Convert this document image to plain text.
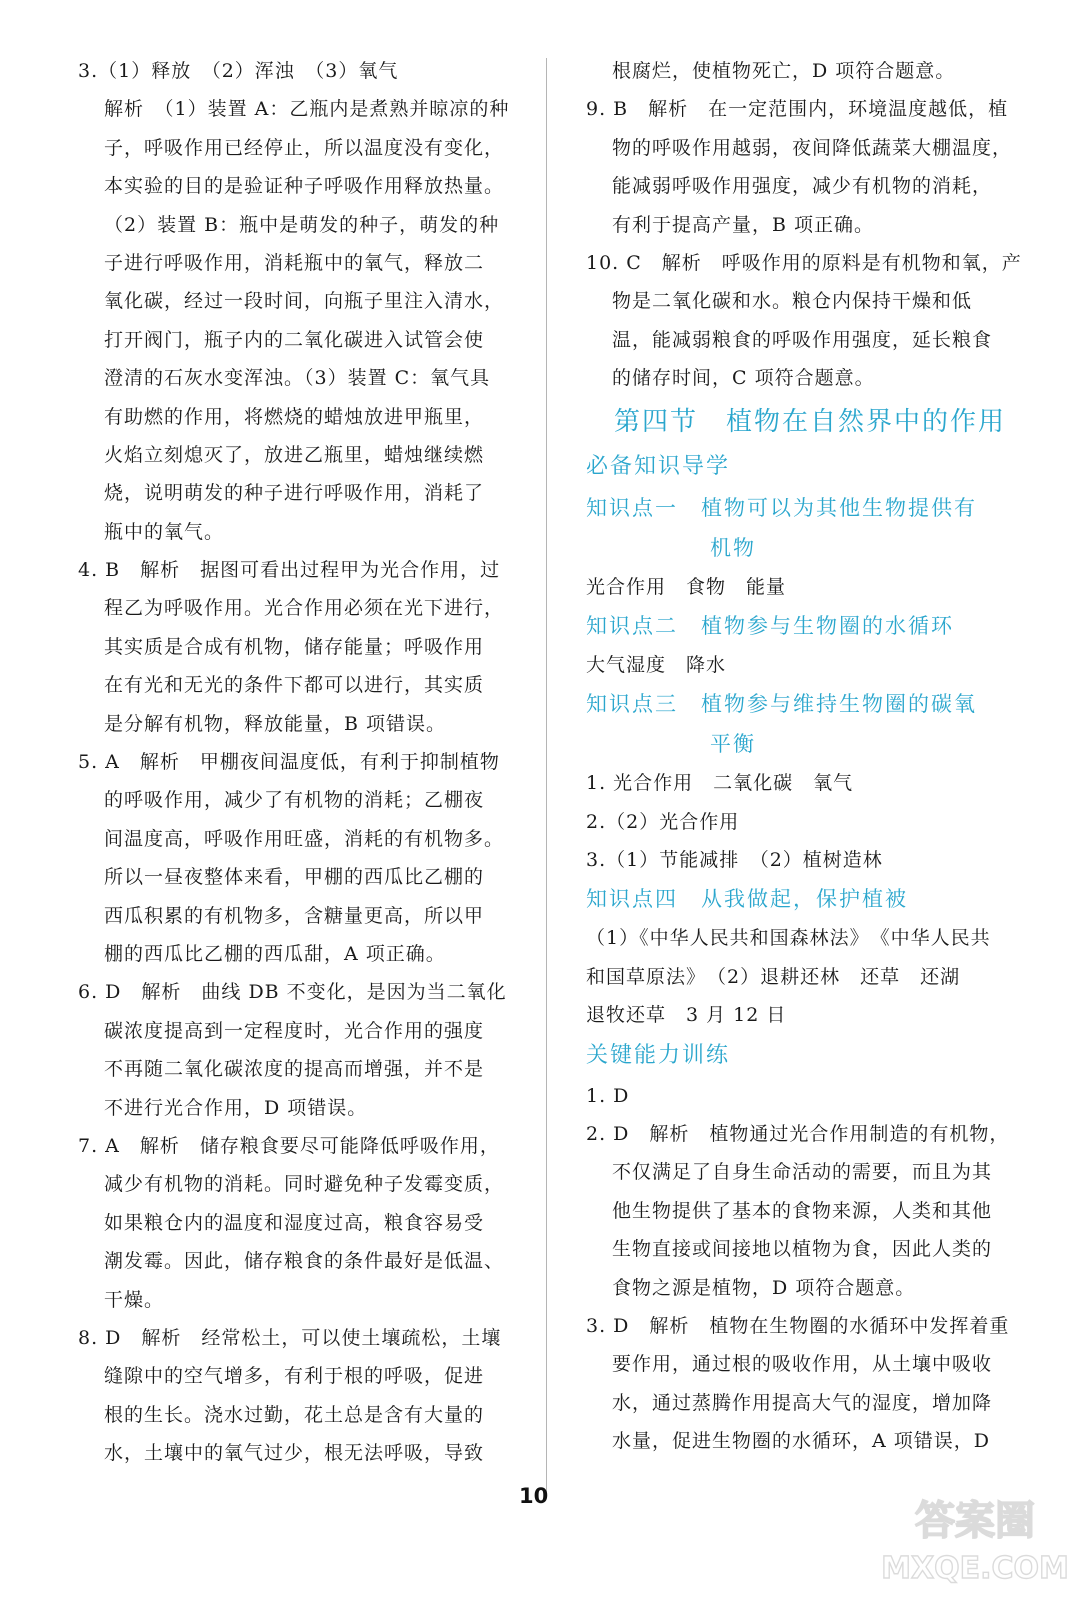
3.（1）释放　（2）浑浊　（3）氧气
解析　（1）装置 A：乙瓶内是煮熟并晾凉的种
子，呼吸作用已经停止，所以温度没有变化，
本实验的目的是验证种子呼吸作用释放热量。
（2）装置 B：瓶中是萌发的种子，萌发的种
子进行呼吸作用，消耗瓶中的氧气，释放二
氧化碳，经过一段时间，向瓶子里注入清水，
打开阀门，瓶子内的二氧化碳进入试管会使
澄清的石灰水变浑浊。（3）装置 C：氧气具
有助燃的作用，将燃烧的蜡烛放进甲瓶里，
火焰立刻熄灭了，放进乙瓶里，蜡烛继续燃
烧，说明萌发的种子进行呼吸作用，消耗了
瓶中的氧气。
4. B　解析　据图可看出过程甲为光合作用，过
程乙为呼吸作用。光合作用必须在光下进行，
其实质是合成有机物，储存能量；呼吸作用
在有光和无光的条件下都可以进行，其实质
是分解有机物，释放能量，B 项错误。
5. A　解析　甲棚夜间温度低，有利于抑制植物
的呼吸作用，减少了有机物的消耗；乙棚夜
间温度高，呼吸作用旺盛，消耗的有机物多。
所以一昼夜整体来看，甲棚的西瓜比乙棚的
西瓜积累的有机物多，含糖量更高，所以甲
棚的西瓜比乙棚的西瓜甜，A 项正确。
6. D　解析　曲线 DB 不变化，是因为当二氧化
碳浓度提高到一定程度时，光合作用的强度
不再随二氧化碳浓度的提高而增强，并不是
不进行光合作用，D 项错误。
7. A　解析　储存粮食要尽可能降低呼吸作用，
减少有机物的消耗。同时避免种子发霉变质，
如果粮仓内的温度和湿度过高，粮食容易受
潮发霉。因此，储存粮食的条件最好是低温、
干燥。
8. D　解析　经常松土，可以使土壤疏松，土壤
缝隙中的空气增多，有利于根的呼吸，促进
根的生长。浇水过勤，花土总是含有大量的
水，土壤中的氧气过少，根无法呼吸，导致
根腐烂，使植物死亡，D 项符合题意。
9. B　解析　在一定范围内，环境温度越低，植
物的呼吸作用越弱，夜间降低蔬菜大棚温度，
能减弱呼吸作用强度，减少有机物的消耗，
有利于提高产量，B 项正确。
10. C　解析　呼吸作用的原料是有机物和氧，产
物是二氧化碳和水。粮仓内保持干燥和低
温，能减弱粮食的呼吸作用强度，延长粮食
的储存时间，C 项符合题意。
第四节　植物在自然界中的作用
必备知识导学
知识点一　植物可以为其他生物提供有
机物
光合作用　食物　能量
知识点二　植物参与生物圈的水循环
大气湿度　降水
知识点三　植物参与维持生物圈的碳氧
平衡
1. 光合作用　二氧化碳　氧气
2.（2）光合作用
3.（1）节能减排　（2）植树造林
知识点四　从我做起，保护植被
（1）《中华人民共和国森林法》　《中华人民共
和国草原法》　（2）退耕还林　还草　还湖
退牧还草　3 月 12 日
关键能力训练
1. D
2. D　解析　植物通过光合作用制造的有机物，
不仅满足了自身生命活动的需要，而且为其
他生物提供了基本的食物来源，人类和其他
生物直接或间接地以植物为食，因此人类的
食物之源是植物，D 项符合题意。
3. D　解析　植物在生物圈的水循环中发挥着重
要作用，通过根的吸收作用，从土壤中吸收
水，通过蒸腾作用提高大气的湿度，增加降
水量，促进生物圈的水循环，A 项错误，D
10
答案圈
MXQE.COM
